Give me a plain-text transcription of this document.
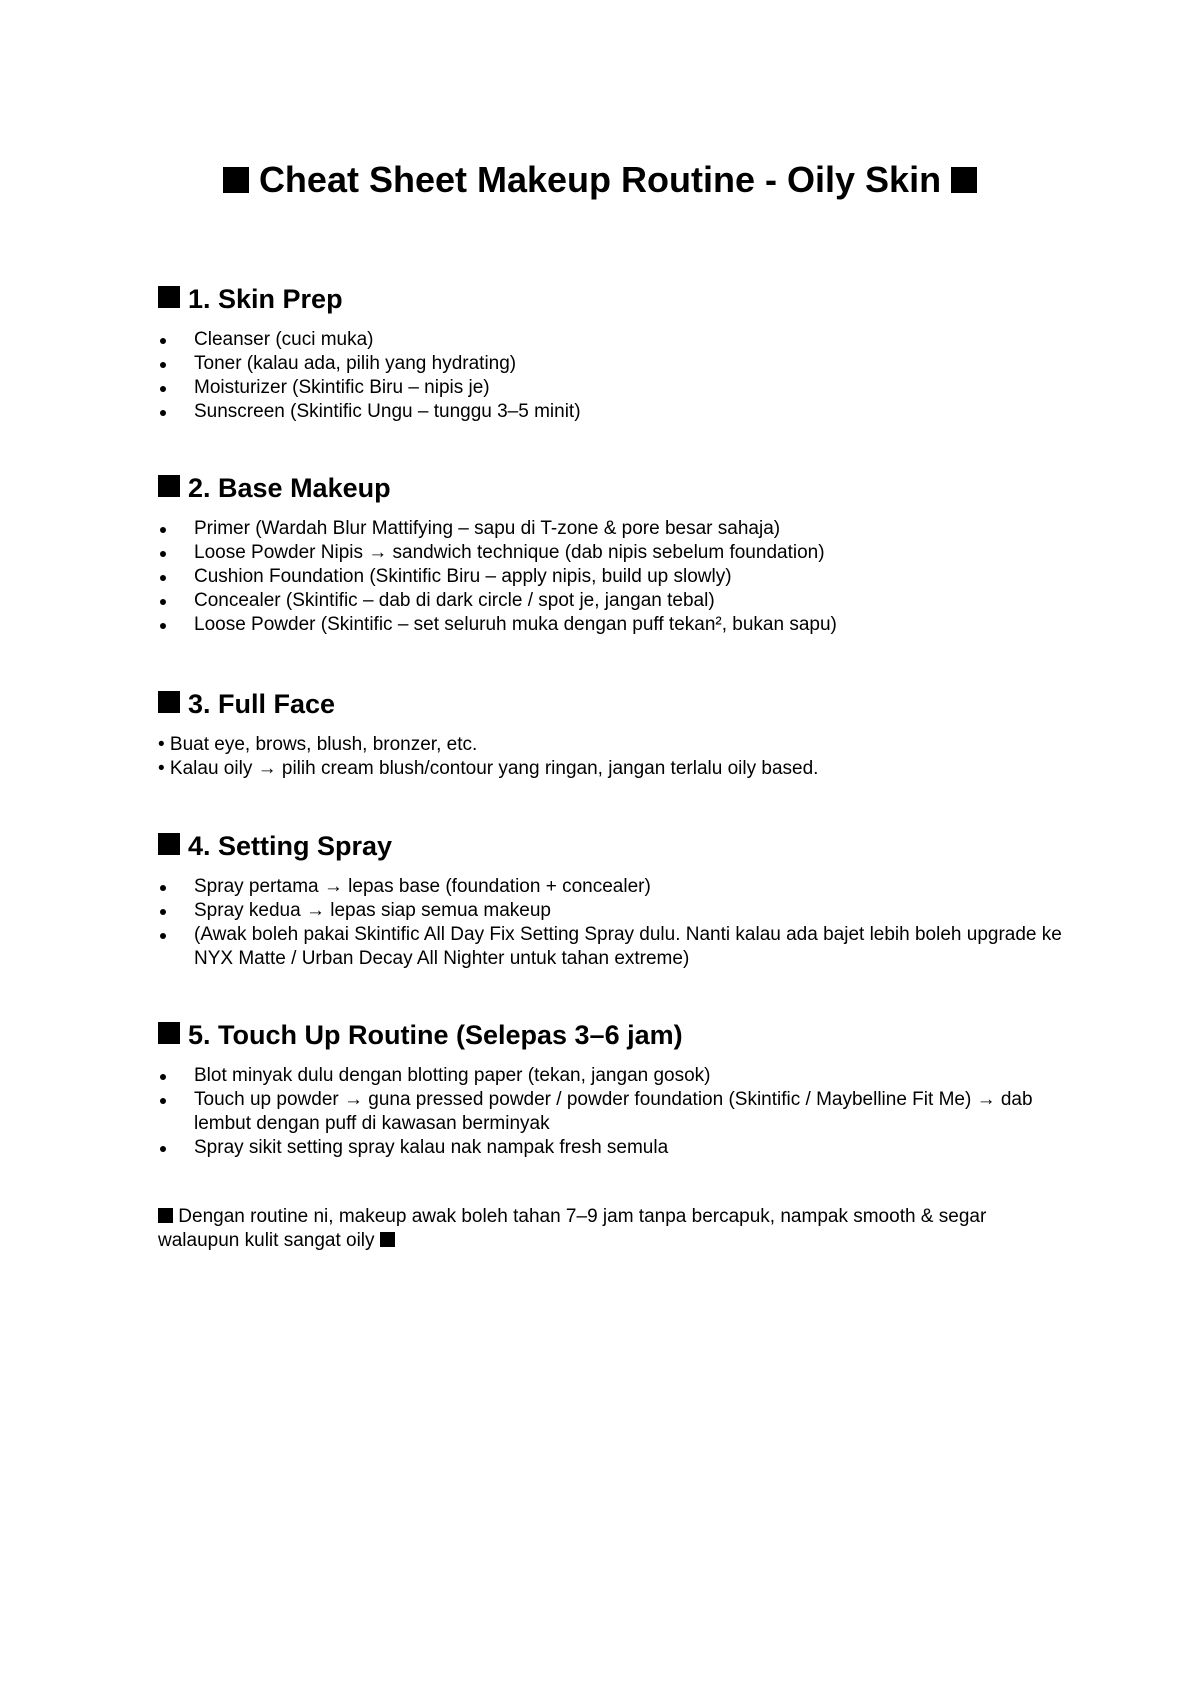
Cheat Sheet Makeup Routine - Oily Skin
1. Skin Prep
Cleanser (cuci muka)
Toner (kalau ada, pilih yang hydrating)
Moisturizer (Skintific Biru – nipis je)
Sunscreen (Skintific Ungu – tunggu 3–5 minit)
2. Base Makeup
Primer (Wardah Blur Mattifying – sapu di T-zone & pore besar sahaja)
Loose Powder Nipis → sandwich technique (dab nipis sebelum foundation)
Cushion Foundation (Skintific Biru – apply nipis, build up slowly)
Concealer (Skintific – dab di dark circle / spot je, jangan tebal)
Loose Powder (Skintific – set seluruh muka dengan puff tekan², bukan sapu)
3. Full Face

• Buat eye, brows, blush, bronzer, etc.

• Kalau oily → pilih cream blush/contour yang ringan, jangan terlalu oily based.

4. Setting Spray
Spray pertama → lepas base (foundation + concealer)
Spray kedua → lepas siap semua makeup
(Awak boleh pakai Skintific All Day Fix Setting Spray dulu. Nanti kalau ada bajet lebih boleh upgrade ke NYX Matte / Urban Decay All Nighter untuk tahan extreme)
5. Touch Up Routine (Selepas 3–6 jam)
Blot minyak dulu dengan blotting paper (tekan, jangan gosok)
Touch up powder → guna pressed powder / powder foundation (Skintific / Maybelline Fit Me) → dab lembut dengan puff di kawasan berminyak
Spray sikit setting spray kalau nak nampak fresh semula

Dengan routine ni, makeup awak boleh tahan 7–9 jam tanpa bercapuk, nampak smooth & segar walaupun kulit sangat oily
